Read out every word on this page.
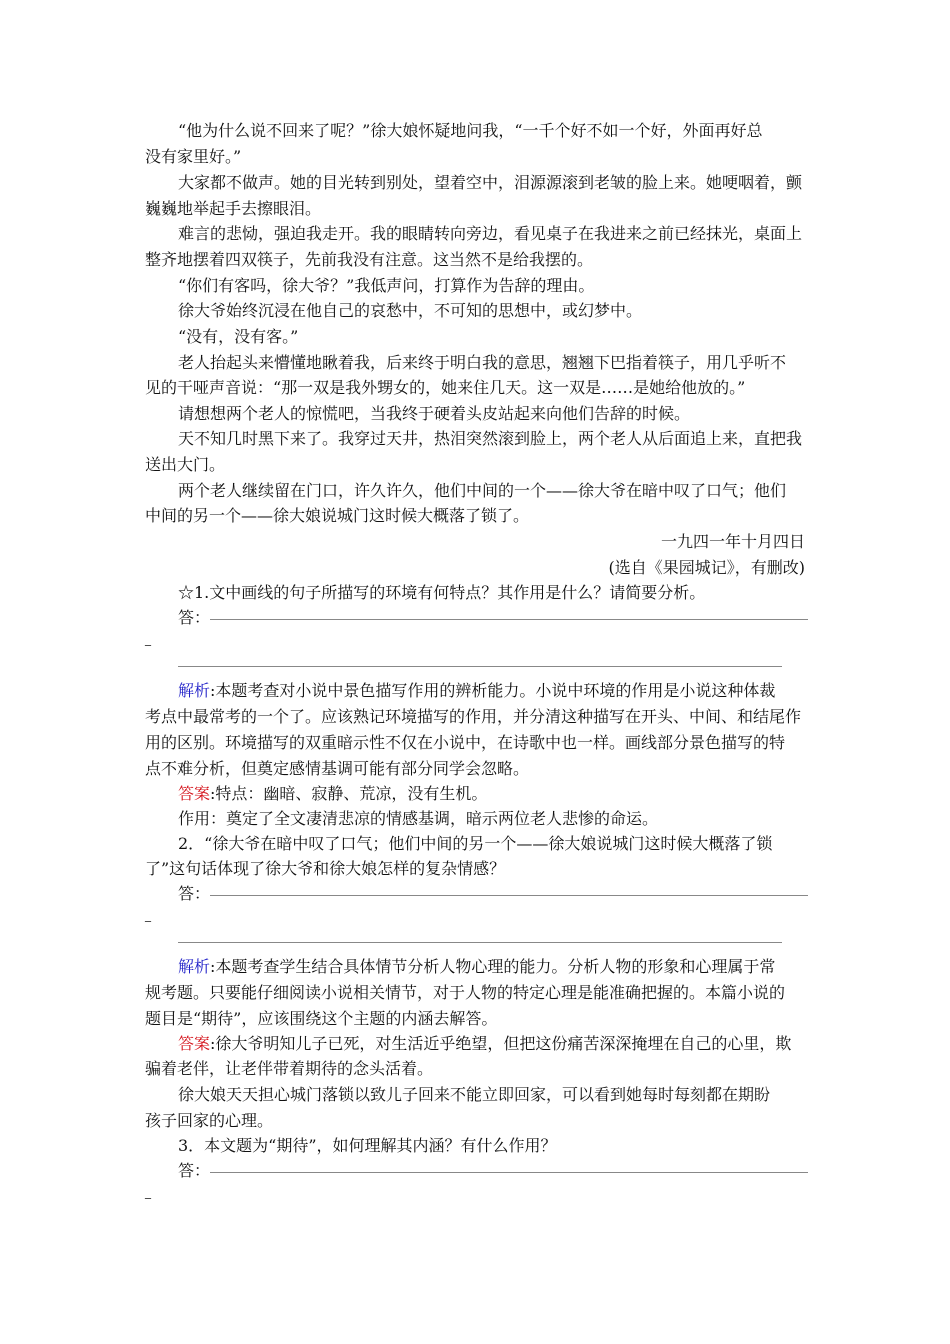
“他为什么说不回来了呢？”徐大娘怀疑地问我，“一千个好不如一个好，外面再好总
没有家里好。”
大家都不做声。她的目光转到别处，望着空中，泪源源滚到老皱的脸上来。她哽咽着，颤
巍巍地举起手去擦眼泪。
难言的悲恸，强迫我走开。我的眼睛转向旁边，看见桌子在我进来之前已经抹光，桌面上
整齐地摆着四双筷子，先前我没有注意。这当然不是给我摆的。
“你们有客吗，徐大爷？”我低声问，打算作为告辞的理由。
徐大爷始终沉浸在他自己的哀愁中，不可知的思想中，或幻梦中。
“没有，没有客。”
老人抬起头来懵懂地瞅着我，后来终于明白我的意思，翘翘下巴指着筷子，用几乎听不
见的干哑声音说：“那一双是我外甥女的，她来住几天。这一双是……是她给他放的。”
请想想两个老人的惊慌吧，当我终于硬着头皮站起来向他们告辞的时候。
天不知几时黑下来了。我穿过天井，热泪突然滚到脸上，两个老人从后面追上来，直把我
送出大门。
两个老人继续留在门口，许久许久，他们中间的一个——徐大爷在暗中叹了口气；他们
中间的另一个——徐大娘说城门这时候大概落了锁了。
一九四一年十月四日
(选自《果园城记》，有删改)
☆1.文中画线的句子所描写的环境有何特点？其作用是什么？请简要分析。
答：
_
解析:本题考查对小说中景色描写作用的辨析能力。小说中环境的作用是小说这种体裁
考点中最常考的一个了。应该熟记环境描写的作用，并分清这种描写在开头、中间、和结尾作
用的区别。环境描写的双重暗示性不仅在小说中，在诗歌中也一样。画线部分景色描写的特
点不难分析，但奠定感情基调可能有部分同学会忽略。
答案:特点：幽暗、寂静、荒凉，没有生机。
作用：奠定了全文凄清悲凉的情感基调，暗示两位老人悲惨的命运。
2．“徐大爷在暗中叹了口气；他们中间的另一个——徐大娘说城门这时候大概落了锁
了”这句话体现了徐大爷和徐大娘怎样的复杂情感？
答：
_
解析:本题考查学生结合具体情节分析人物心理的能力。分析人物的形象和心理属于常
规考题。只要能仔细阅读小说相关情节，对于人物的特定心理是能准确把握的。本篇小说的
题目是“期待”，应该围绕这个主题的内涵去解答。
答案:徐大爷明知儿子已死，对生活近乎绝望，但把这份痛苦深深掩埋在自己的心里，欺
骗着老伴，让老伴带着期待的念头活着。
徐大娘天天担心城门落锁以致儿子回来不能立即回家，可以看到她每时每刻都在期盼
孩子回家的心理。
3．本文题为“期待”，如何理解其内涵？有什么作用？
答：
_
